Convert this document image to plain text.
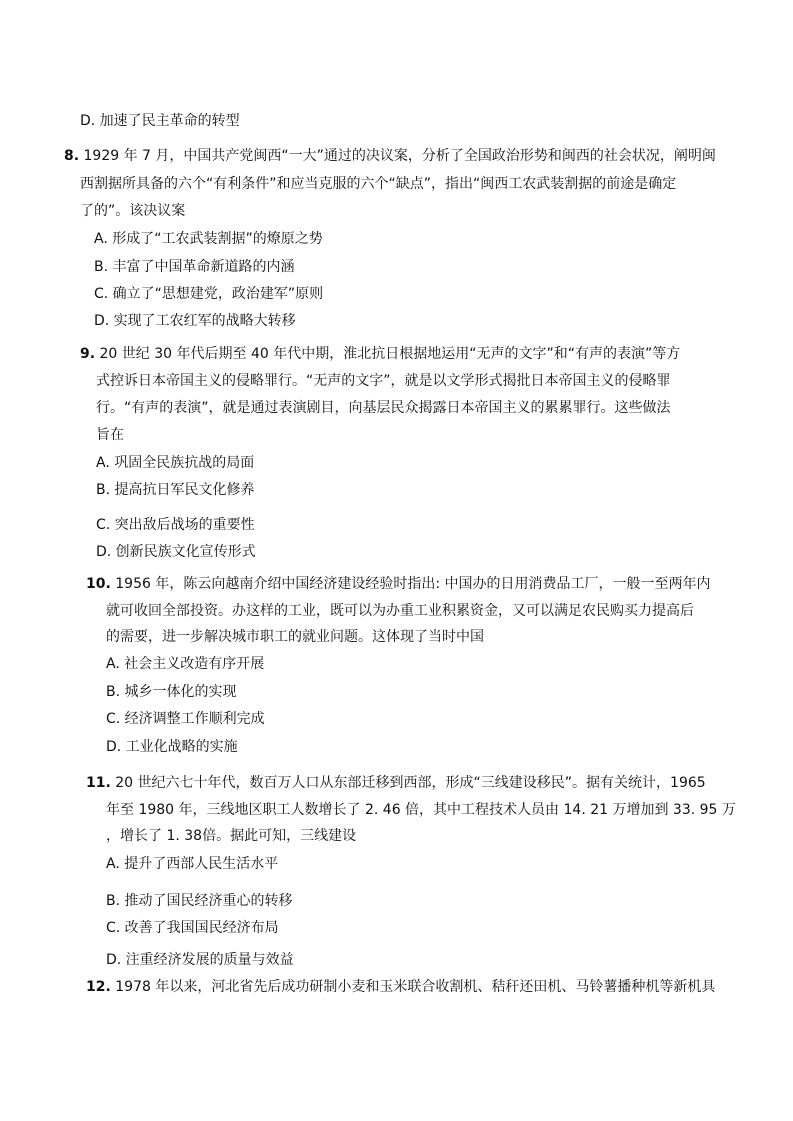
D. 加速了民主革命的转型
8. 1929 年 7 月，中国共产党闽西“一大”通过的决议案，分析了全国政治形势和闽西的社会状况，阐明闽
西割据所具备的六个“有利条件”和应当克服的六个“缺点”，指出“闽西工农武装割据的前途是确定
了的”。该决议案
A. 形成了“工农武装割据”的燎原之势
B. 丰富了中国革命新道路的内涵
C. 确立了“思想建党，政治建军”原则
D. 实现了工农红军的战略大转移
9. 20 世纪 30 年代后期至 40 年代中期，淮北抗日根据地运用“无声的文字”和“有声的表演”等方
式控诉日本帝国主义的侵略罪行。“无声的文字”，就是以文学形式揭批日本帝国主义的侵略罪
行。“有声的表演”，就是通过表演剧目，向基层民众揭露日本帝国主义的累累罪行。这些做法
旨在
A. 巩固全民族抗战的局面
B. 提高抗日军民文化修养
C. 突出敌后战场的重要性
D. 创新民族文化宣传形式
10. 1956 年，陈云向越南介绍中国经济建设经验时指出: 中国办的日用消费品工厂，一般一至两年内
就可收回全部投资。办这样的工业，既可以为办重工业积累资金，又可以满足农民购买力提高后
的需要，进一步解决城市职工的就业问题。这体现了当时中国
A. 社会主义改造有序开展
B. 城乡一体化的实现
C. 经济调整工作顺利完成
D. 工业化战略的实施
11. 20 世纪六七十年代，数百万人口从东部迁移到西部，形成“三线建设移民”。据有关统计，1965
年至 1980 年，三线地区职工人数增长了 2. 46 倍，其中工程技术人员由 14. 21 万增加到 33. 95 万
，增长了 1. 38倍。据此可知，三线建设
A. 提升了西部人民生活水平
B. 推动了国民经济重心的转移
C. 改善了我国国民经济布局
D. 注重经济发展的质量与效益
12. 1978 年以来，河北省先后成功研制小麦和玉米联合收割机、秸秆还田机、马铃薯播种机等新机具
